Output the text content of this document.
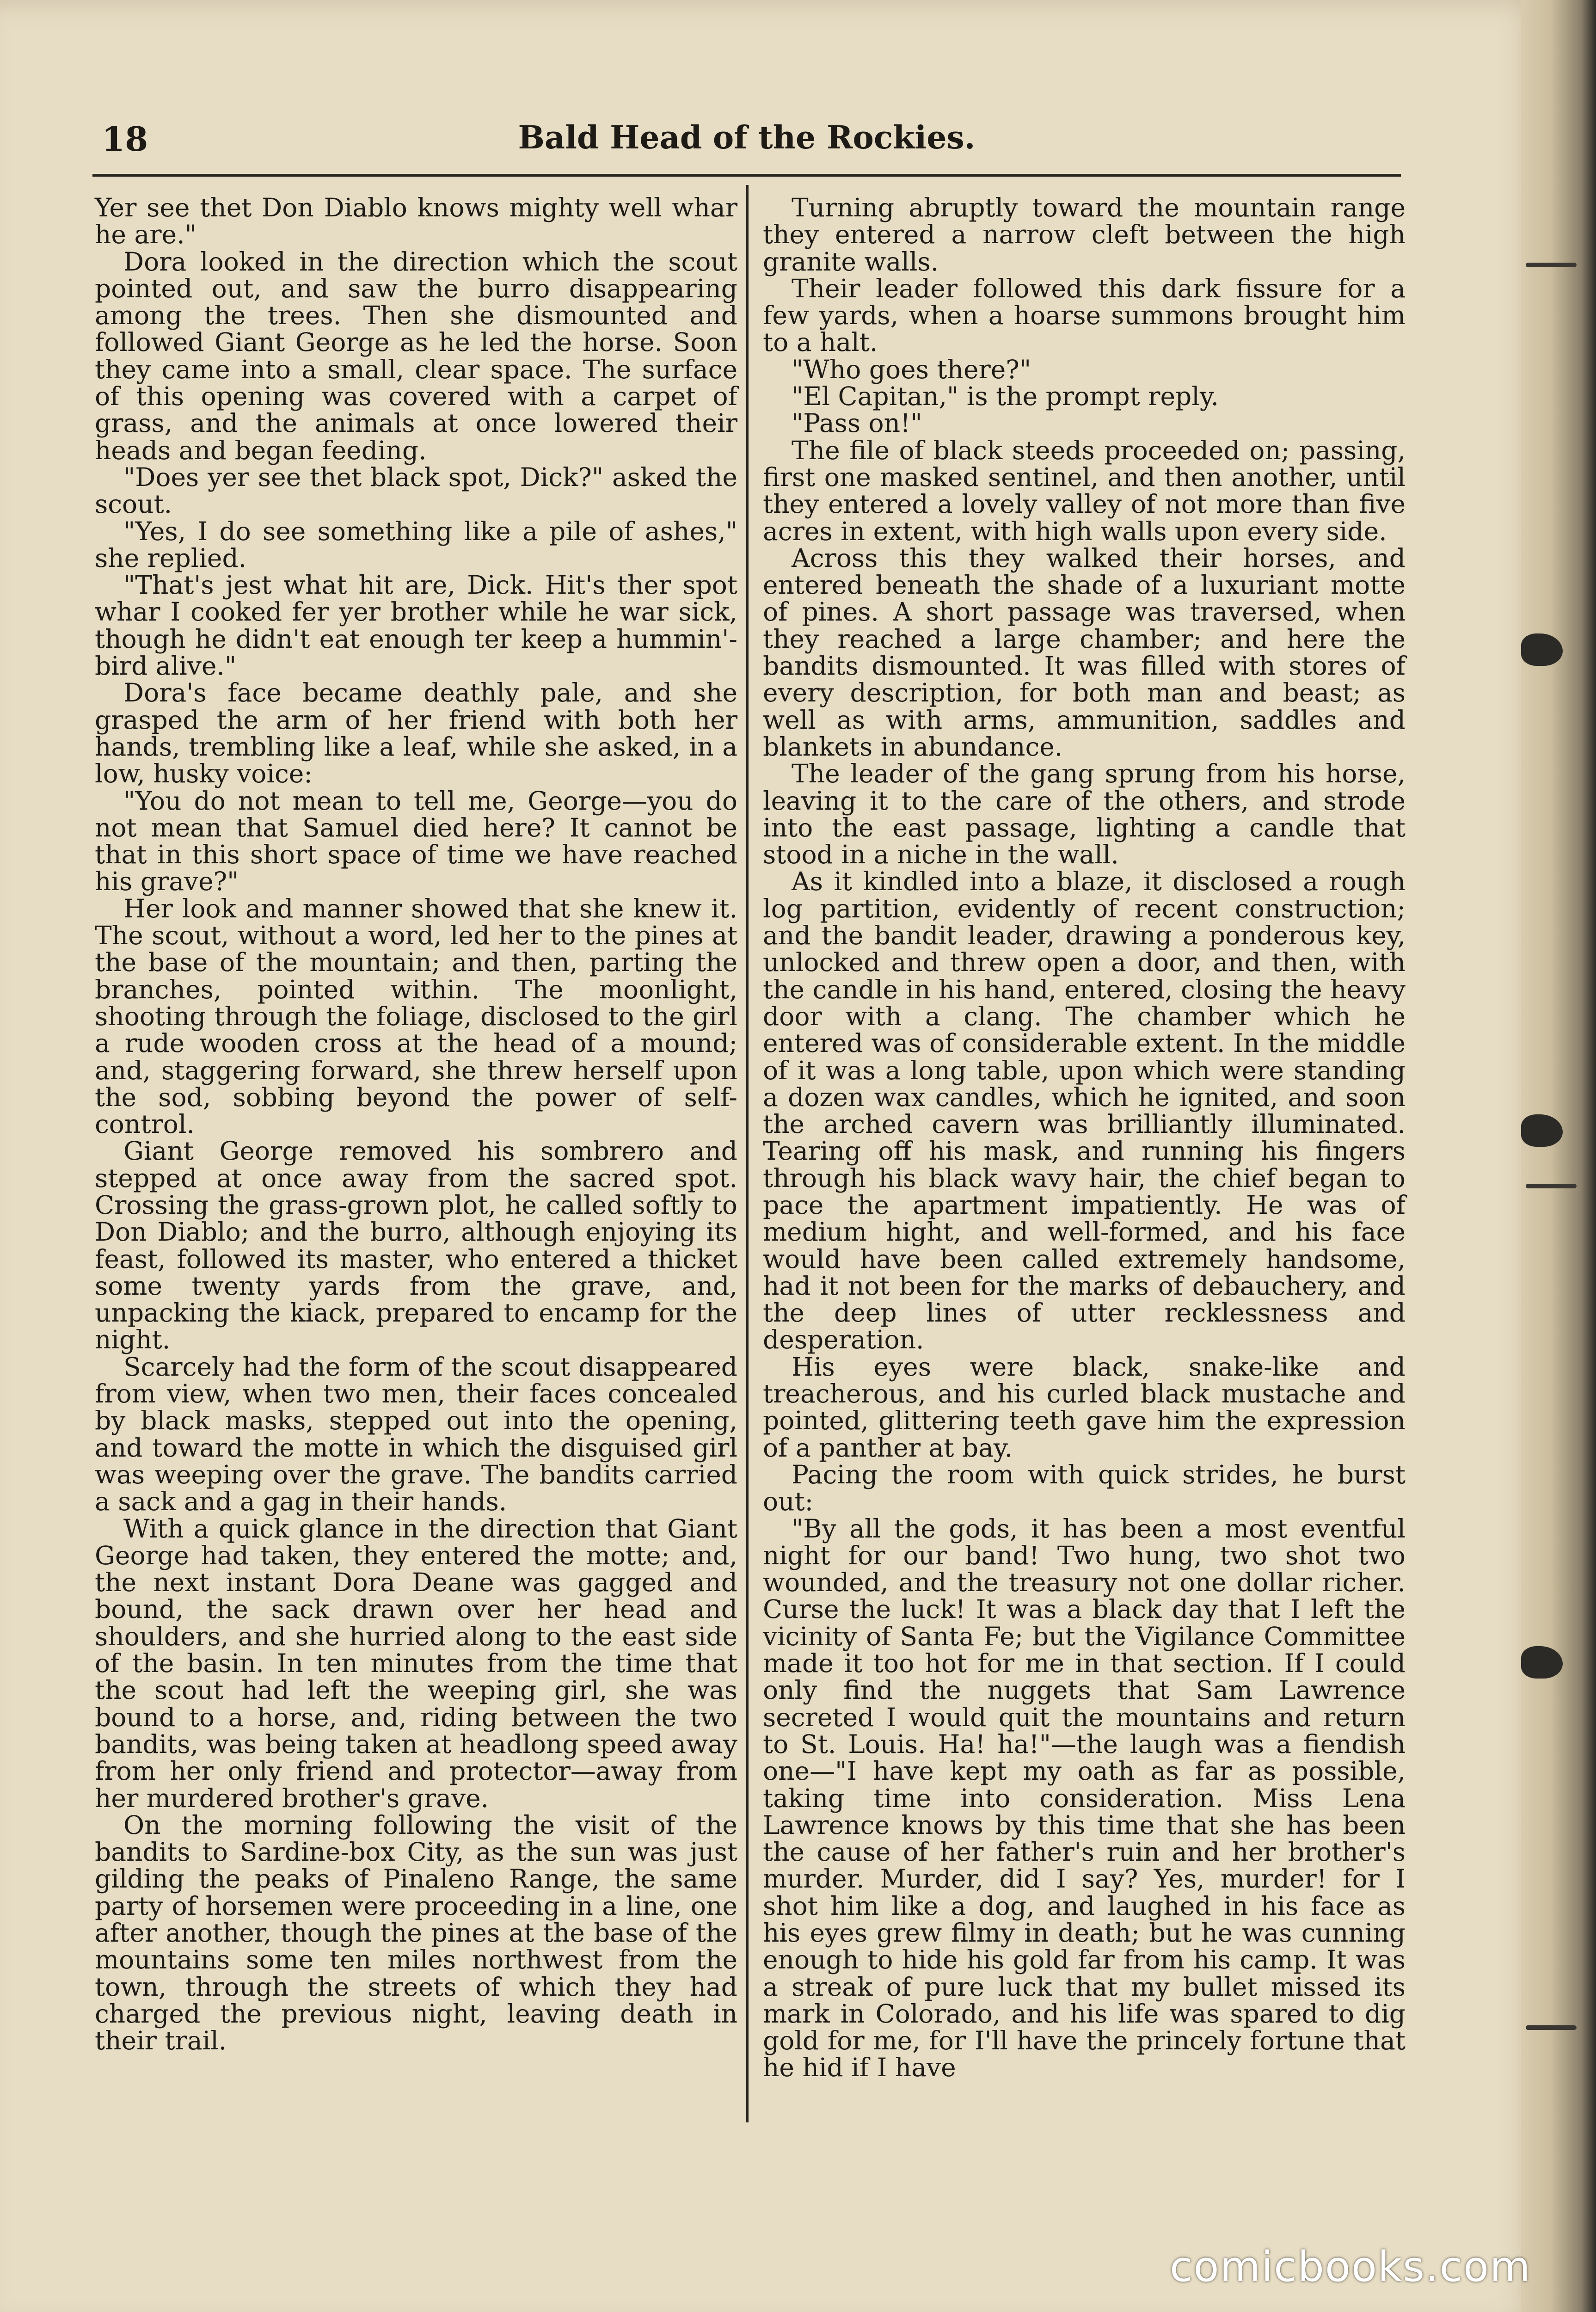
18	Bald Head of the Rockies.

Yer see thet Don Diablo knows mighty well whar he are."

Dora looked in the direction which the scout pointed out, and saw the burro disappearing among the trees. Then she dismounted and followed Giant George as he led the horse. Soon they came into a small, clear space. The surface of this opening was covered with a carpet of grass, and the animals at once lowered their heads and began feeding.

"Does yer see thet black spot, Dick?" asked the scout.

"Yes, I do see something like a pile of ashes," she replied.

"That's jest what hit are, Dick. Hit's ther spot whar I cooked fer yer brother while he war sick, though he didn't eat enough ter keep a hummin'-bird alive."

Dora's face became deathly pale, and she grasped the arm of her friend with both her hands, trembling like a leaf, while she asked, in a low, husky voice:

"You do not mean to tell me, George—you do not mean that Samuel died here? It cannot be that in this short space of time we have reached his grave?"

Her look and manner showed that she knew it. The scout, without a word, led her to the pines at the base of the mountain; and then, parting the branches, pointed within. The moonlight, shooting through the foliage, disclosed to the girl a rude wooden cross at the head of a mound; and, staggering forward, she threw herself upon the sod, sobbing beyond the power of self-control.

Giant George removed his sombrero and stepped at once away from the sacred spot. Crossing the grass-grown plot, he called softly to Don Diablo; and the burro, although enjoying its feast, followed its master, who entered a thicket some twenty yards from the grave, and, unpacking the kiack, prepared to encamp for the night.

Scarcely had the form of the scout disappeared from view, when two men, their faces concealed by black masks, stepped out into the opening, and toward the motte in which the disguised girl was weeping over the grave. The bandits carried a sack and a gag in their hands.

With a quick glance in the direction that Giant George had taken, they entered the motte; and, the next instant Dora Deane was gagged and bound, the sack drawn over her head and shoulders, and she hurried along to the east side of the basin. In ten minutes from the time that the scout had left the weeping girl, she was bound to a horse, and, riding between the two bandits, was being taken at headlong speed away from her only friend and protector—away from her murdered brother's grave.

On the morning following the visit of the bandits to Sardine-box City, as the sun was just gilding the peaks of Pinaleno Range, the same party of horsemen were proceeding in a line, one after another, though the pines at the base of the mountains some ten miles northwest from the town, through the streets of which they had charged the previous night, leaving death in their trail.

Turning abruptly toward the mountain range they entered a narrow cleft between the high granite walls.

Their leader followed this dark fissure for a few yards, when a hoarse summons brought him to a halt.

"Who goes there?"

"El Capitan," is the prompt reply.

"Pass on!"

The file of black steeds proceeded on; passing, first one masked sentinel, and then another, until they entered a lovely valley of not more than five acres in extent, with high walls upon every side.

Across this they walked their horses, and entered beneath the shade of a luxuriant motte of pines. A short passage was traversed, when they reached a large chamber; and here the bandits dismounted. It was filled with stores of every description, for both man and beast; as well as with arms, ammunition, saddles and blankets in abundance.

The leader of the gang sprung from his horse, leaving it to the care of the others, and strode into the east passage, lighting a candle that stood in a niche in the wall.

As it kindled into a blaze, it disclosed a rough log partition, evidently of recent construction; and the bandit leader, drawing a ponderous key, unlocked and threw open a door, and then, with the candle in his hand, entered, closing the heavy door with a clang. The chamber which he entered was of considerable extent. In the middle of it was a long table, upon which were standing a dozen wax candles, which he ignited, and soon the arched cavern was brilliantly illuminated. Tearing off his mask, and running his fingers through his black wavy hair, the chief began to pace the apartment impatiently. He was of medium hight, and well-formed, and his face would have been called extremely handsome, had it not been for the marks of debauchery, and the deep lines of utter recklessness and desperation.

His eyes were black, snake-like and treacherous, and his curled black mustache and pointed, glittering teeth gave him the expression of a panther at bay.

Pacing the room with quick strides, he burst out:

"By all the gods, it has been a most eventful night for our band! Two hung, two shot two wounded, and the treasury not one dollar richer. Curse the luck! It was a black day that I left the vicinity of Santa Fe; but the Vigilance Committee made it too hot for me in that section. If I could only find the nuggets that Sam Lawrence secreted I would quit the mountains and return to St. Louis. Ha! ha!"—the laugh was a fiendish one—"I have kept my oath as far as possible, taking time into consideration. Miss Lena Lawrence knows by this time that she has been the cause of her father's ruin and her brother's murder. Murder, did I say? Yes, murder! for I shot him like a dog, and laughed in his face as his eyes grew filmy in death; but he was cunning enough to hide his gold far from his camp. It was a streak of pure luck that my bullet missed its mark in Colorado, and his life was spared to dig gold for me, for I'll have the princely fortune that he hid if I have

comicbooks.com
